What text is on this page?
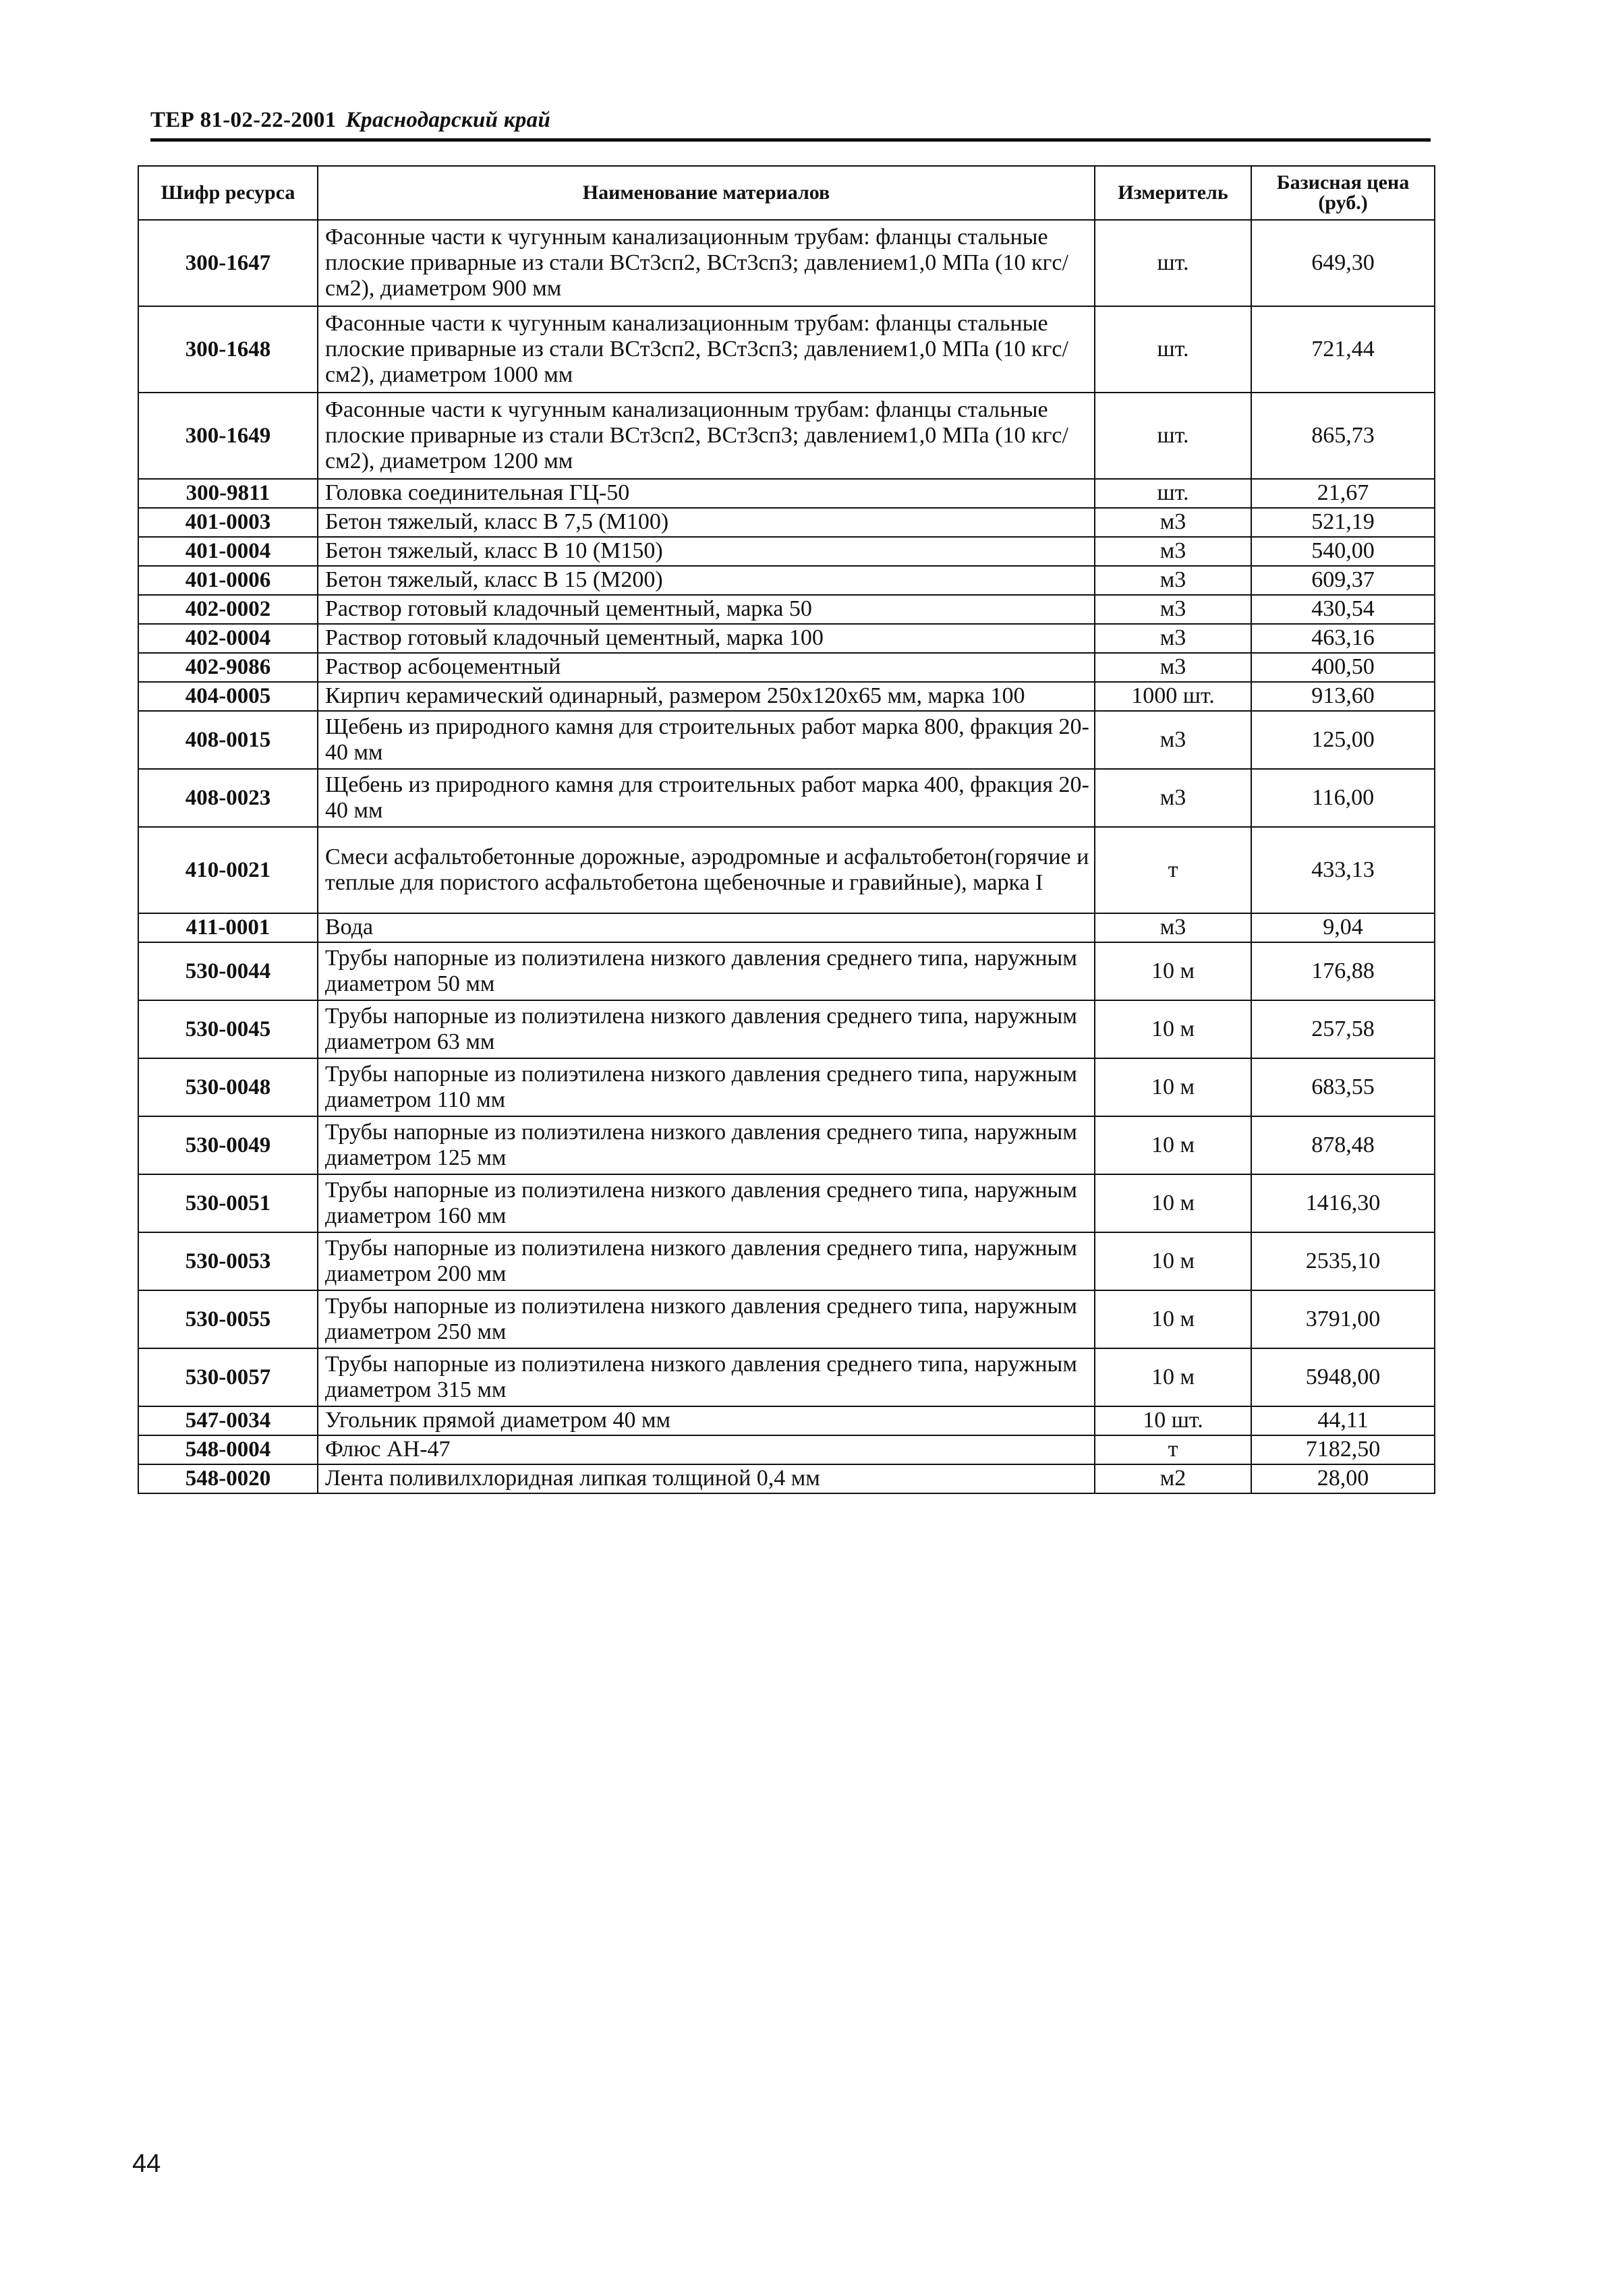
ТЕР 81-02-22-2001 Краснодарский край
Шифр ресурса	Наименование материалов	Измеритель	Базисная цена (руб.)
300-1647	Фасонные части к чугунным канализационным трубам: фланцы стальные плоские приварные из стали ВСт3сп2, ВСт3сп3; давлением1,0 МПа (10 кгс/см2), диаметром 900 мм	шт.	649,30
300-1648	Фасонные части к чугунным канализационным трубам: фланцы стальные плоские приварные из стали ВСт3сп2, ВСт3сп3; давлением1,0 МПа (10 кгс/см2), диаметром 1000 мм	шт.	721,44
300-1649	Фасонные части к чугунным канализационным трубам: фланцы стальные плоские приварные из стали ВСт3сп2, ВСт3сп3; давлением1,0 МПа (10 кгс/см2), диаметром 1200 мм	шт.	865,73
300-9811	Головка соединительная ГЦ-50	шт.	21,67
401-0003	Бетон тяжелый, класс В 7,5 (М100)	м3	521,19
401-0004	Бетон тяжелый, класс В 10 (М150)	м3	540,00
401-0006	Бетон тяжелый, класс В 15 (М200)	м3	609,37
402-0002	Раствор готовый кладочный цементный, марка 50	м3	430,54
402-0004	Раствор готовый кладочный цементный, марка 100	м3	463,16
402-9086	Раствор асбоцементный	м3	400,50
404-0005	Кирпич керамический одинарный, размером 250х120х65 мм, марка 100	1000 шт.	913,60
408-0015	Щебень из природного камня для строительных работ марка 800, фракция 20-40 мм	м3	125,00
408-0023	Щебень из природного камня для строительных работ марка 400, фракция 20-40 мм	м3	116,00
410-0021	Смеси асфальтобетонные дорожные, аэродромные и асфальтобетон(горячие и теплые для пористого асфальтобетона щебеночные и гравийные), марка I	т	433,13
411-0001	Вода	м3	9,04
530-0044	Трубы напорные из полиэтилена низкого давления среднего типа, наружным диаметром 50 мм	10 м	176,88
530-0045	Трубы напорные из полиэтилена низкого давления среднего типа, наружным диаметром 63 мм	10 м	257,58
530-0048	Трубы напорные из полиэтилена низкого давления среднего типа, наружным диаметром 110 мм	10 м	683,55
530-0049	Трубы напорные из полиэтилена низкого давления среднего типа, наружным диаметром 125 мм	10 м	878,48
530-0051	Трубы напорные из полиэтилена низкого давления среднего типа, наружным диаметром 160 мм	10 м	1416,30
530-0053	Трубы напорные из полиэтилена низкого давления среднего типа, наружным диаметром 200 мм	10 м	2535,10
530-0055	Трубы напорные из полиэтилена низкого давления среднего типа, наружным диаметром 250 мм	10 м	3791,00
530-0057	Трубы напорные из полиэтилена низкого давления среднего типа, наружным диаметром 315 мм	10 м	5948,00
547-0034	Угольник прямой диаметром 40 мм	10 шт.	44,11
548-0004	Флюс АН-47	т	7182,50
548-0020	Лента поливилхлоридная липкая толщиной 0,4 мм	м2	28,00
44
